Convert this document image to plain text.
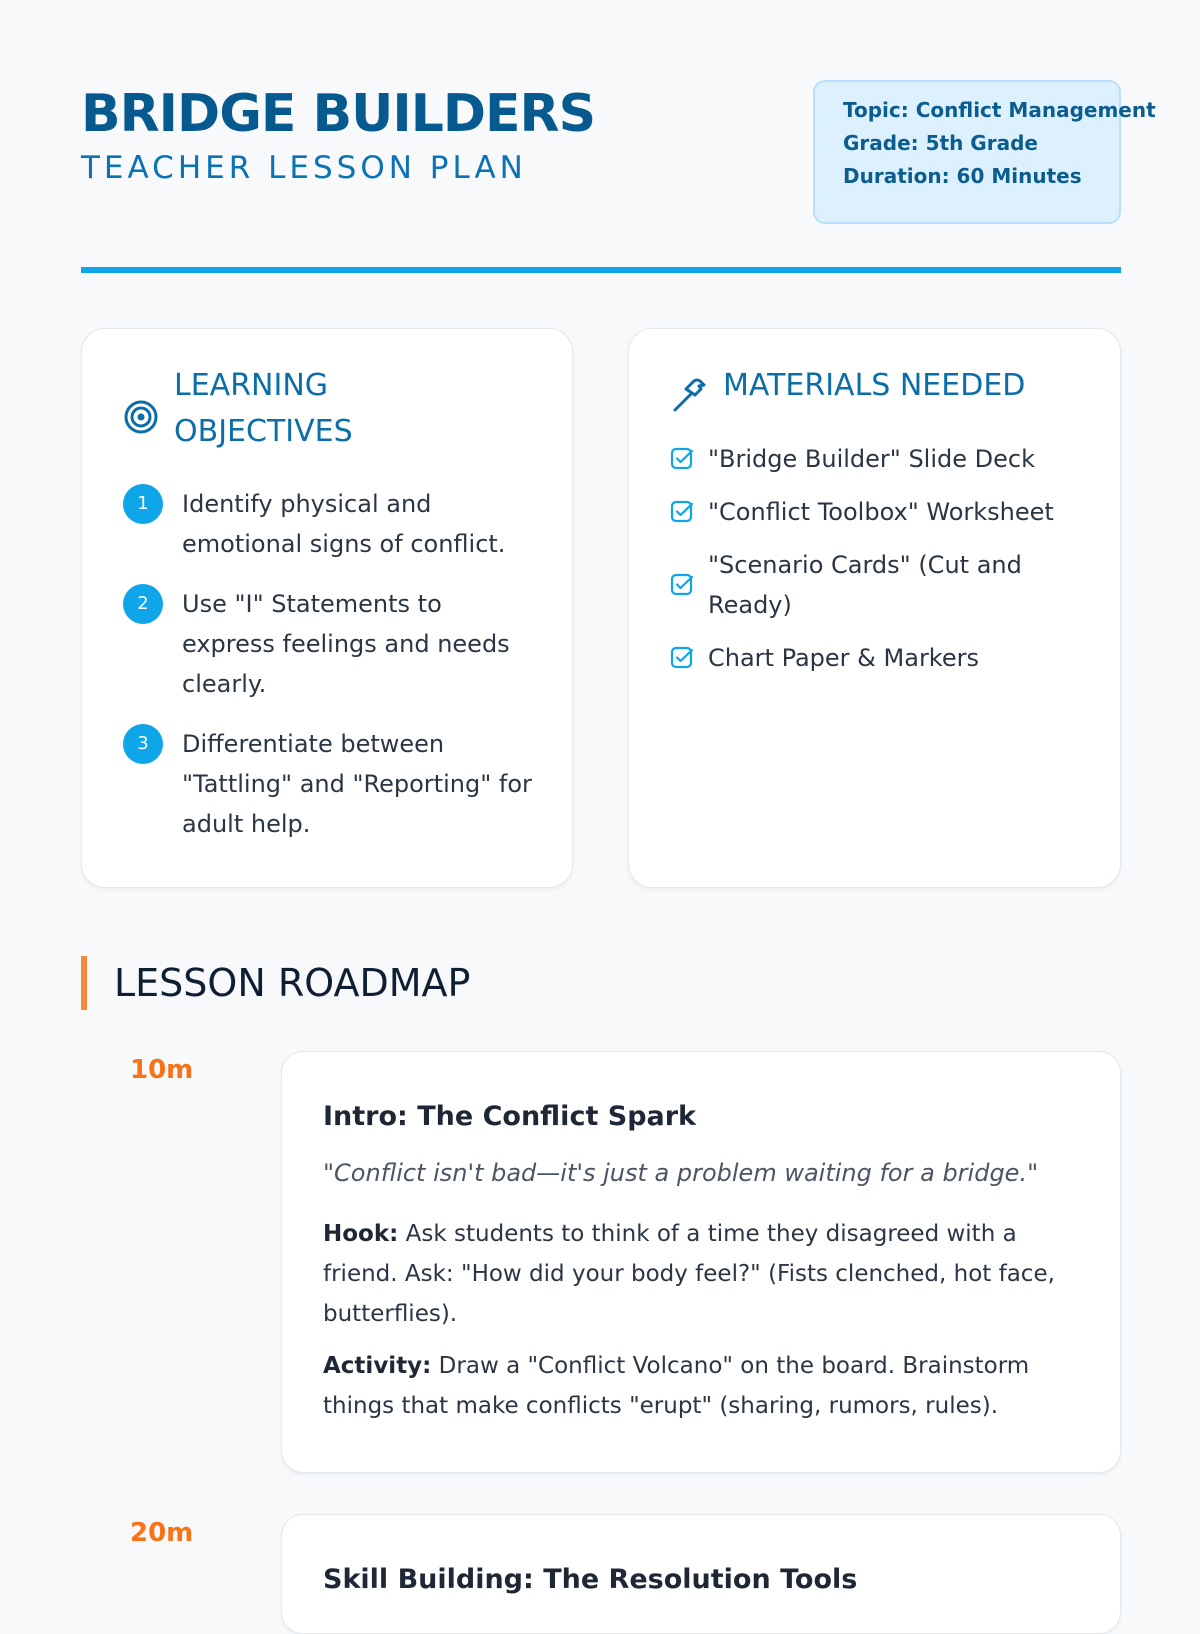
BRIDGE BUILDERS
TEACHER LESSON PLAN
Topic: Conflict Management
Grade: 5th Grade
Duration: 60 Minutes
LEARNING OBJECTIVES
1	Identify physical and emotional signs of conflict.
2	Use "I" Statements to express feelings and needs clearly.
3	Differentiate between "Tattling" and "Reporting" for adult help.
MATERIALS NEEDED
"Bridge Builder" Slide Deck
"Conflict Toolbox" Worksheet
"Scenario Cards" (Cut and Ready)
Chart Paper & Markers
LESSON ROADMAP
10m
Intro: The Conflict Spark

"Conflict isn't bad—it's just a problem waiting for a bridge."

Hook: Ask students to think of a time they disagreed with a friend. Ask: "How did your body feel?" (Fists clenched, hot face, butterflies).

Activity: Draw a "Conflict Volcano" on the board. Brainstorm things that make conflicts "erupt" (sharing, rumors, rules).

20m
Skill Building: The Resolution Tools
